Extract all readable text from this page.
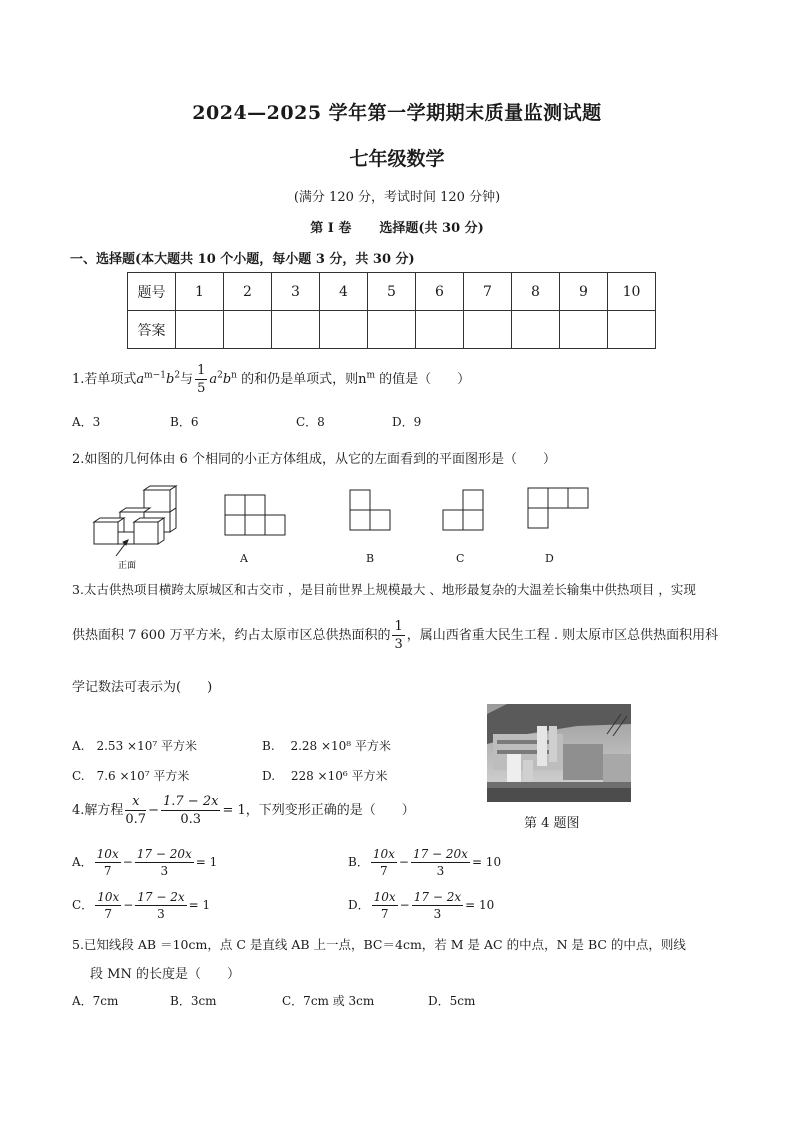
2024—2025 学年第一学期期末质量监测试题
七年级数学
(满分 120 分，考试时间 120 分钟)
第 I 卷 选择题(共 30 分)
一、选择题(本大题共 10 个小题，每小题 3 分，共 30 分)
题号	1	2	3	4	5	6	7	8	9	10
答案										
1.若单项式$a^{m-1}b^2$与 $\frac{1}{5} a^2b^n$ 的和仍是单项式，则$n^m$ 的值是（　　）
A．3	B．6	C．8	D．9
2.如图的几何体由 6 个相同的小正方体组成，从它的左面看到的平面图形是（　　）
正面
A	B	C	D
3.太古供热项目横跨太原城区和古交市 ，是目前世界上规模最大 、地形最复杂的大温差长输集中供热项目 ，实现
供热面积 7 600 万平方米，约占太原市区总供热面积的 $\frac{1}{3}$ ，属山西省重大民生工程 . 则太原市区总供热面积用科
学记数法可表示为(　　)
A.　2.53 ×10⁷ 平方米	B.　 2.28 ×10⁸ 平方米
C.　7.6 ×10⁷ 平方米	D.　 228 ×10⁶ 平方米
第 4 题图
4.解方程 $\frac{x}{0.7} - \frac{1.7 - 2x}{0.3} = 1$，下列变形正确的是（　　）
A． $\frac{10x}{7} - \frac{17 - 20x}{3} = 1$	B． $\frac{10x}{7} - \frac{17 - 20x}{3} = 10$
C． $\frac{10x}{7} - \frac{17 - 2x}{3} = 1$	D． $\frac{10x}{7} - \frac{17 - 2x}{3} = 10$
5.已知线段 AB ＝10cm，点 C 是直线 AB 上一点，BC＝4cm，若 M 是 AC 的中点，N 是 BC 的中点，则线
段 MN 的长度是（　　）
A．7cm	B．3cm	C．7cm 或 3cm	D．5cm
